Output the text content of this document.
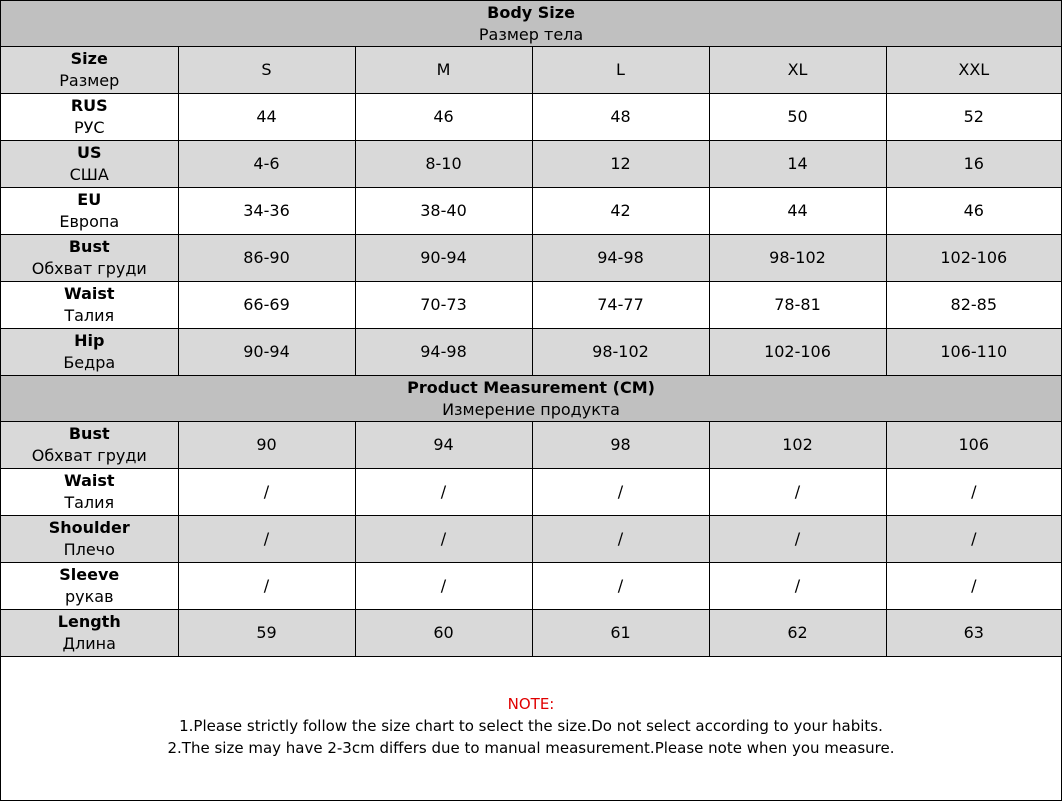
Body Size
Размер тела					

Size
Размер	S	M	L	XL	XXL

RUS
РУС	44	46	48	50	52

US
США	4-6	8-10	12	14	16

EU
Европа	34-36	38-40	42	44	46

Bust
Обхват груди	86-90	90-94	94-98	98-102	102-106

Waist
Талия	66-69	70-73	74-77	78-81	82-85

Hip
Бедра	90-94	94-98	98-102	102-106	106-110

Product Measurement (CM)
Измерение продукта					

Bust
Обхват груди	90	94	98	102	106

Waist
Талия	/	/	/	/	/

Shoulder
Плечо	/	/	/	/	/

Sleeve
рукав	/	/	/	/	/

Length
Длина	59	60	61	62	63
NOTE:
1.Please strictly follow the size chart to select the size.Do not select according to your habits.
2.The size may have 2-3cm differs due to manual measurement.Please note when you measure.
